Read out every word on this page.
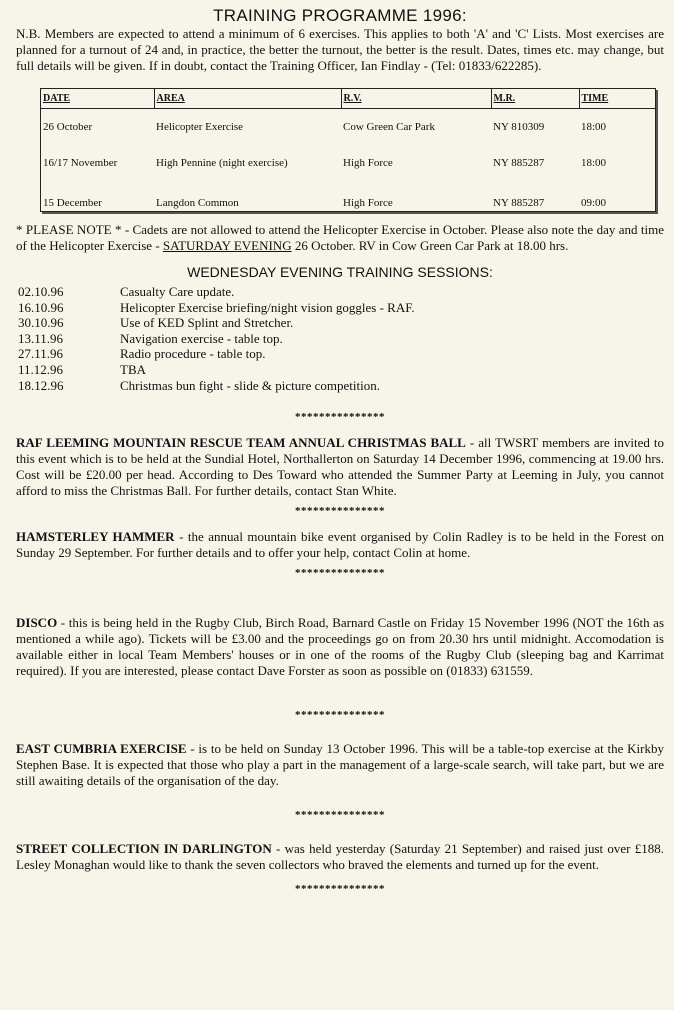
TRAINING PROGRAMME 1996:

N.B. Members are expected to attend a minimum of 6 exercises. This applies to both 'A' and 'C' Lists. Most exercises are planned for a turnout of 24 and, in practice, the better the turnout, the better is the result. Dates, times etc. may change, but full details will be given. If in doubt, contact the Training Officer, Ian Findlay - (Tel: 01833/622285).

DATE	AREA	R.V.	M.R.	TIME
26 October	Helicopter Exercise	Cow Green Car Park	NY 810309	18:00
16/17 November	High Pennine (night exercise)	High Force	NY 885287	18:00
15 December	Langdon Common	High Force	NY 885287	09:00

* PLEASE NOTE * - Cadets are not allowed to attend the Helicopter Exercise in October. Please also note the day and time of the Helicopter Exercise - SATURDAY EVENING 26 October. RV in Cow Green Car Park at 18.00 hrs.

WEDNESDAY EVENING TRAINING SESSIONS:
02.10.96	Casualty Care update.
16.10.96	Helicopter Exercise briefing/night vision goggles - RAF.
30.10.96	Use of KED Splint and Stretcher.
13.11.96	Navigation exercise - table top.
27.11.96	Radio procedure - table top.
11.12.96	TBA
18.12.96	Christmas bun fight - slide & picture competition.
***************

RAF LEEMING MOUNTAIN RESCUE TEAM ANNUAL CHRISTMAS BALL - all TWSRT members are invited to this event which is to be held at the Sundial Hotel, Northallerton on Saturday 14 December 1996, commencing at 19.00 hrs. Cost will be £20.00 per head. According to Des Toward who attended the Summer Party at Leeming in July, you cannot afford to miss the Christmas Ball. For further details, contact Stan White.

***************

HAMSTERLEY HAMMER - the annual mountain bike event organised by Colin Radley is to be held in the Forest on Sunday 29 September. For further details and to offer your help, contact Colin at home.

***************

DISCO - this is being held in the Rugby Club, Birch Road, Barnard Castle on Friday 15 November 1996 (NOT the 16th as mentioned a while ago). Tickets will be £3.00 and the proceedings go on from 20.30 hrs until midnight. Accomodation is available either in local Team Members' houses or in one of the rooms of the Rugby Club (sleeping bag and Karrimat required). If you are interested, please contact Dave Forster as soon as possible on (01833) 631559.

***************

EAST CUMBRIA EXERCISE - is to be held on Sunday 13 October 1996. This will be a table-top exercise at the Kirkby Stephen Base. It is expected that those who play a part in the management of a large-scale search, will take part, but we are still awaiting details of the organisation of the day.

***************

STREET COLLECTION IN DARLINGTON - was held yesterday (Saturday 21 September) and raised just over £188. Lesley Monaghan would like to thank the seven collectors who braved the elements and turned up for the event.

***************
